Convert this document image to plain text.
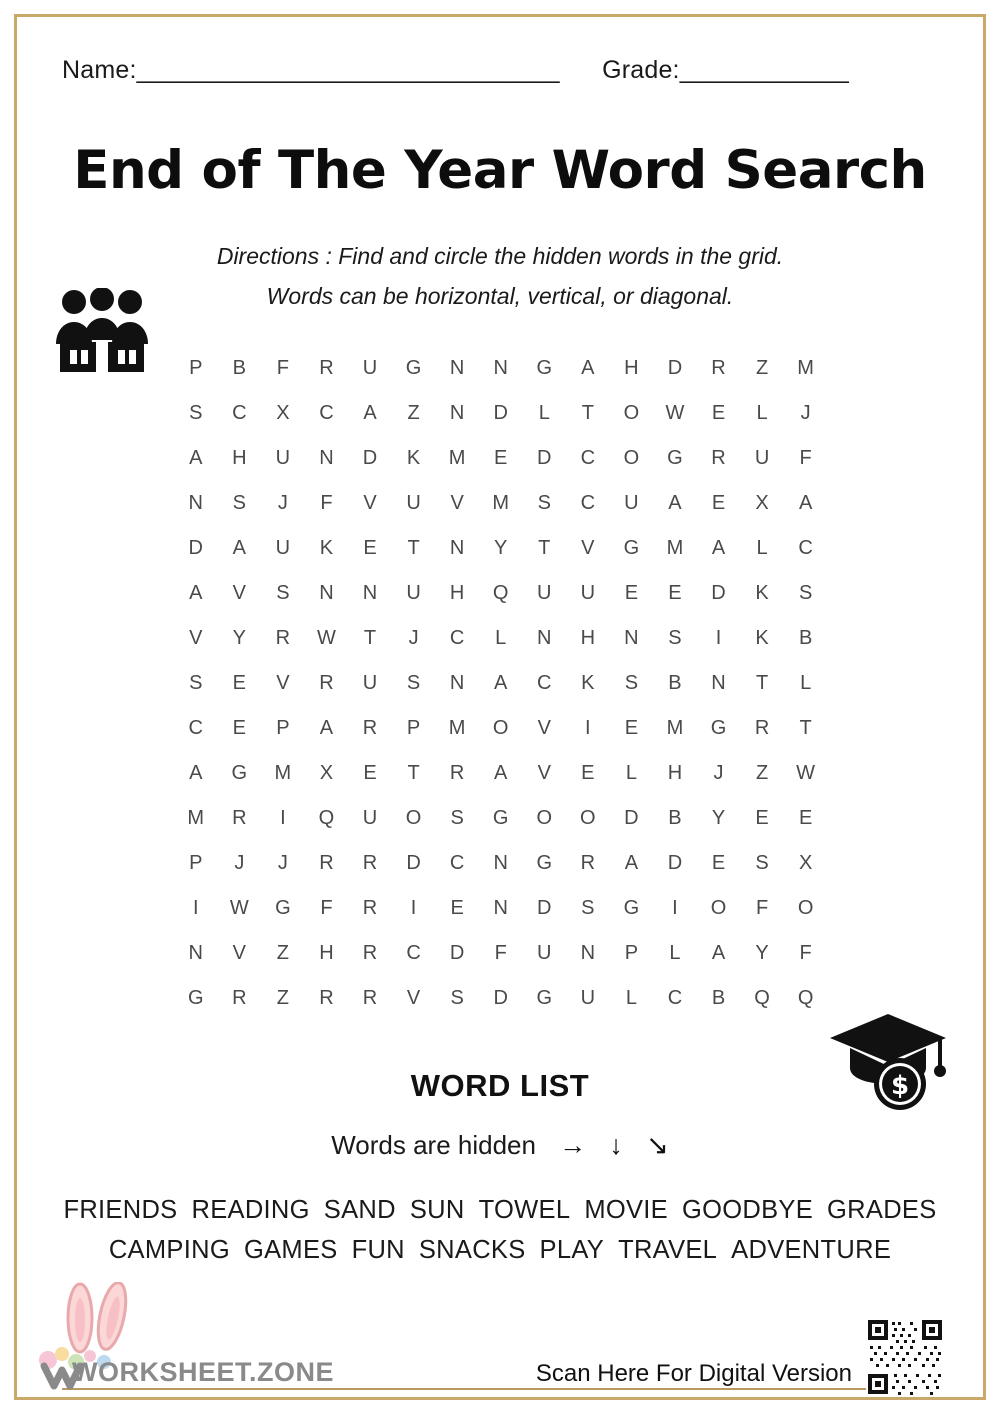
Name:______________________________ Grade:____________
End of The Year Word Search
Directions : Find and circle the hidden words in the grid.
Words can be horizontal, vertical, or diagonal.
P	B	F	R	U	G	N	N	G	A	H	D	R	Z	M
S	C	X	C	A	Z	N	D	L	T	O	W	E	L	J
A	H	U	N	D	K	M	E	D	C	O	G	R	U	F
N	S	J	F	V	U	V	M	S	C	U	A	E	X	A
D	A	U	K	E	T	N	Y	T	V	G	M	A	L	C
A	V	S	N	N	U	H	Q	U	U	E	E	D	K	S
V	Y	R	W	T	J	C	L	N	H	N	S	I	K	B
S	E	V	R	U	S	N	A	C	K	S	B	N	T	L
C	E	P	A	R	P	M	O	V	I	E	M	G	R	T
A	G	M	X	E	T	R	A	V	E	L	H	J	Z	W
M	R	I	Q	U	O	S	G	O	O	D	B	Y	E	E
P	J	J	R	R	D	C	N	G	R	A	D	E	S	X
I	W	G	F	R	I	E	N	D	S	G	I	O	F	O
N	V	Z	H	R	C	D	F	U	N	P	L	A	Y	F
G	R	Z	R	R	V	S	D	G	U	L	C	B	Q	Q
$
WORD LIST
Words are hidden → ↓ ↘
FRIENDS READING SAND SUN TOWEL MOVIE GOODBYE GRADES
CAMPING GAMES FUN SNACKS PLAY TRAVEL ADVENTURE
Scan Here For Digital Version
WORKSHEET.ZONE
